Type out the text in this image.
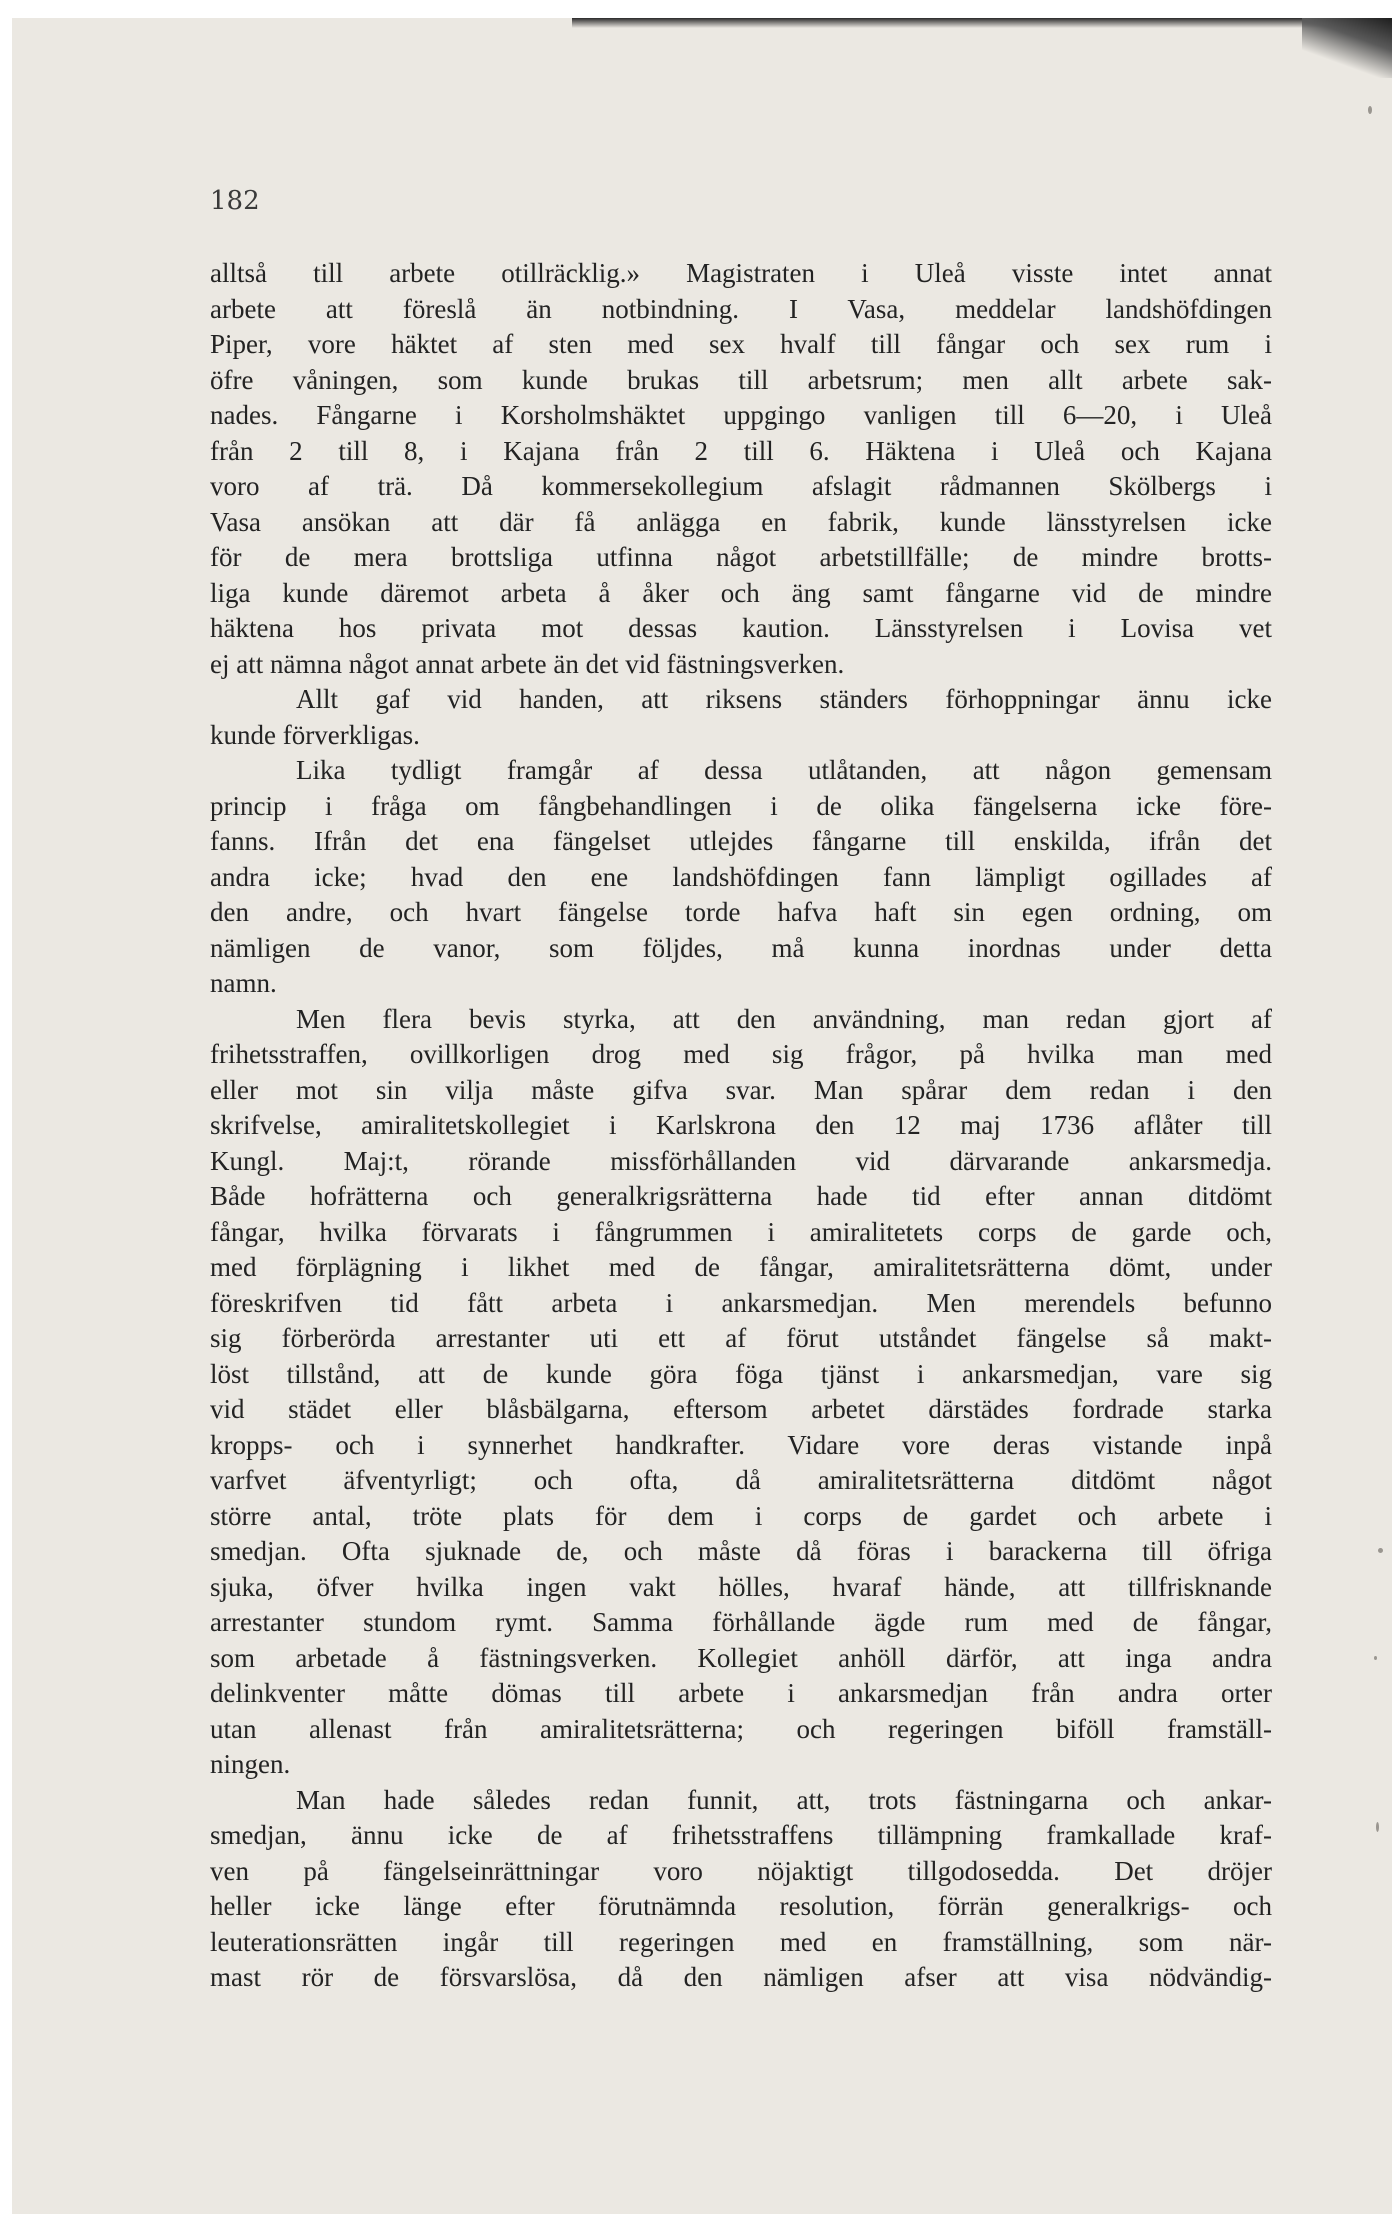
182

alltså till arbete otillräcklig.» Magistraten i Uleå visste intet annat
arbete att föreslå än notbindning. I Vasa, meddelar landshöfdingen
Piper, vore häktet af sten med sex hvalf till fångar och sex rum i
öfre våningen, som kunde brukas till arbetsrum; men allt arbete sak-
nades. Fångarne i Korsholmshäktet uppgingo vanligen till 6—20, i Uleå
från 2 till 8, i Kajana från 2 till 6. Häktena i Uleå och Kajana
voro af trä. Då kommersekollegium afslagit rådmannen Skölbergs i
Vasa ansökan att där få anlägga en fabrik, kunde länsstyrelsen icke
för de mera brottsliga utfinna något arbetstillfälle; de mindre brotts-
liga kunde däremot arbeta å åker och äng samt fångarne vid de mindre
häktena hos privata mot dessas kaution. Länsstyrelsen i Lovisa vet
ej att nämna något annat arbete än det vid fästningsverken.
Allt gaf vid handen, att riksens ständers förhoppningar ännu icke
kunde förverkligas.
Lika tydligt framgår af dessa utlåtanden, att någon gemensam
princip i fråga om fångbehandlingen i de olika fängelserna icke före-
fanns. Ifrån det ena fängelset utlejdes fångarne till enskilda, ifrån det
andra icke; hvad den ene landshöfdingen fann lämpligt ogillades af
den andre, och hvart fängelse torde hafva haft sin egen ordning, om
nämligen de vanor, som följdes, må kunna inordnas under detta
namn.
Men flera bevis styrka, att den användning, man redan gjort af
frihetsstraffen, ovillkorligen drog med sig frågor, på hvilka man med
eller mot sin vilja måste gifva svar. Man spårar dem redan i den
skrifvelse, amiralitetskollegiet i Karlskrona den 12 maj 1736 aflåter till
Kungl. Maj:t, rörande missförhållanden vid därvarande ankarsmedja.
Både hofrätterna och generalkrigsrätterna hade tid efter annan ditdömt
fångar, hvilka förvarats i fångrummen i amiralitetets corps de garde och,
med förplägning i likhet med de fångar, amiralitetsrätterna dömt, under
föreskrifven tid fått arbeta i ankarsmedjan. Men merendels befunno
sig förberörda arrestanter uti ett af förut utståndet fängelse så makt-
löst tillstånd, att de kunde göra föga tjänst i ankarsmedjan, vare sig
vid städet eller blåsbälgarna, eftersom arbetet därstädes fordrade starka
kropps- och i synnerhet handkrafter. Vidare vore deras vistande inpå
varfvet äfventyrligt; och ofta, då amiralitetsrätterna ditdömt något
större antal, tröte plats för dem i corps de gardet och arbete i
smedjan. Ofta sjuknade de, och måste då föras i barackerna till öfriga
sjuka, öfver hvilka ingen vakt hölles, hvaraf hände, att tillfrisknande
arrestanter stundom rymt. Samma förhållande ägde rum med de fångar,
som arbetade å fästningsverken. Kollegiet anhöll därför, att inga andra
delinkventer måtte dömas till arbete i ankarsmedjan från andra orter
utan allenast från amiralitetsrätterna; och regeringen biföll framställ-
ningen.
Man hade således redan funnit, att, trots fästningarna och ankar-
smedjan, ännu icke de af frihetsstraffens tillämpning framkallade kraf-
ven på fängelseinrättningar voro nöjaktigt tillgodosedda. Det dröjer
heller icke länge efter förutnämnda resolution, förrän generalkrigs- och
leuterationsrätten ingår till regeringen med en framställning, som när-
mast rör de försvarslösa, då den nämligen afser att visa nödvändig-
